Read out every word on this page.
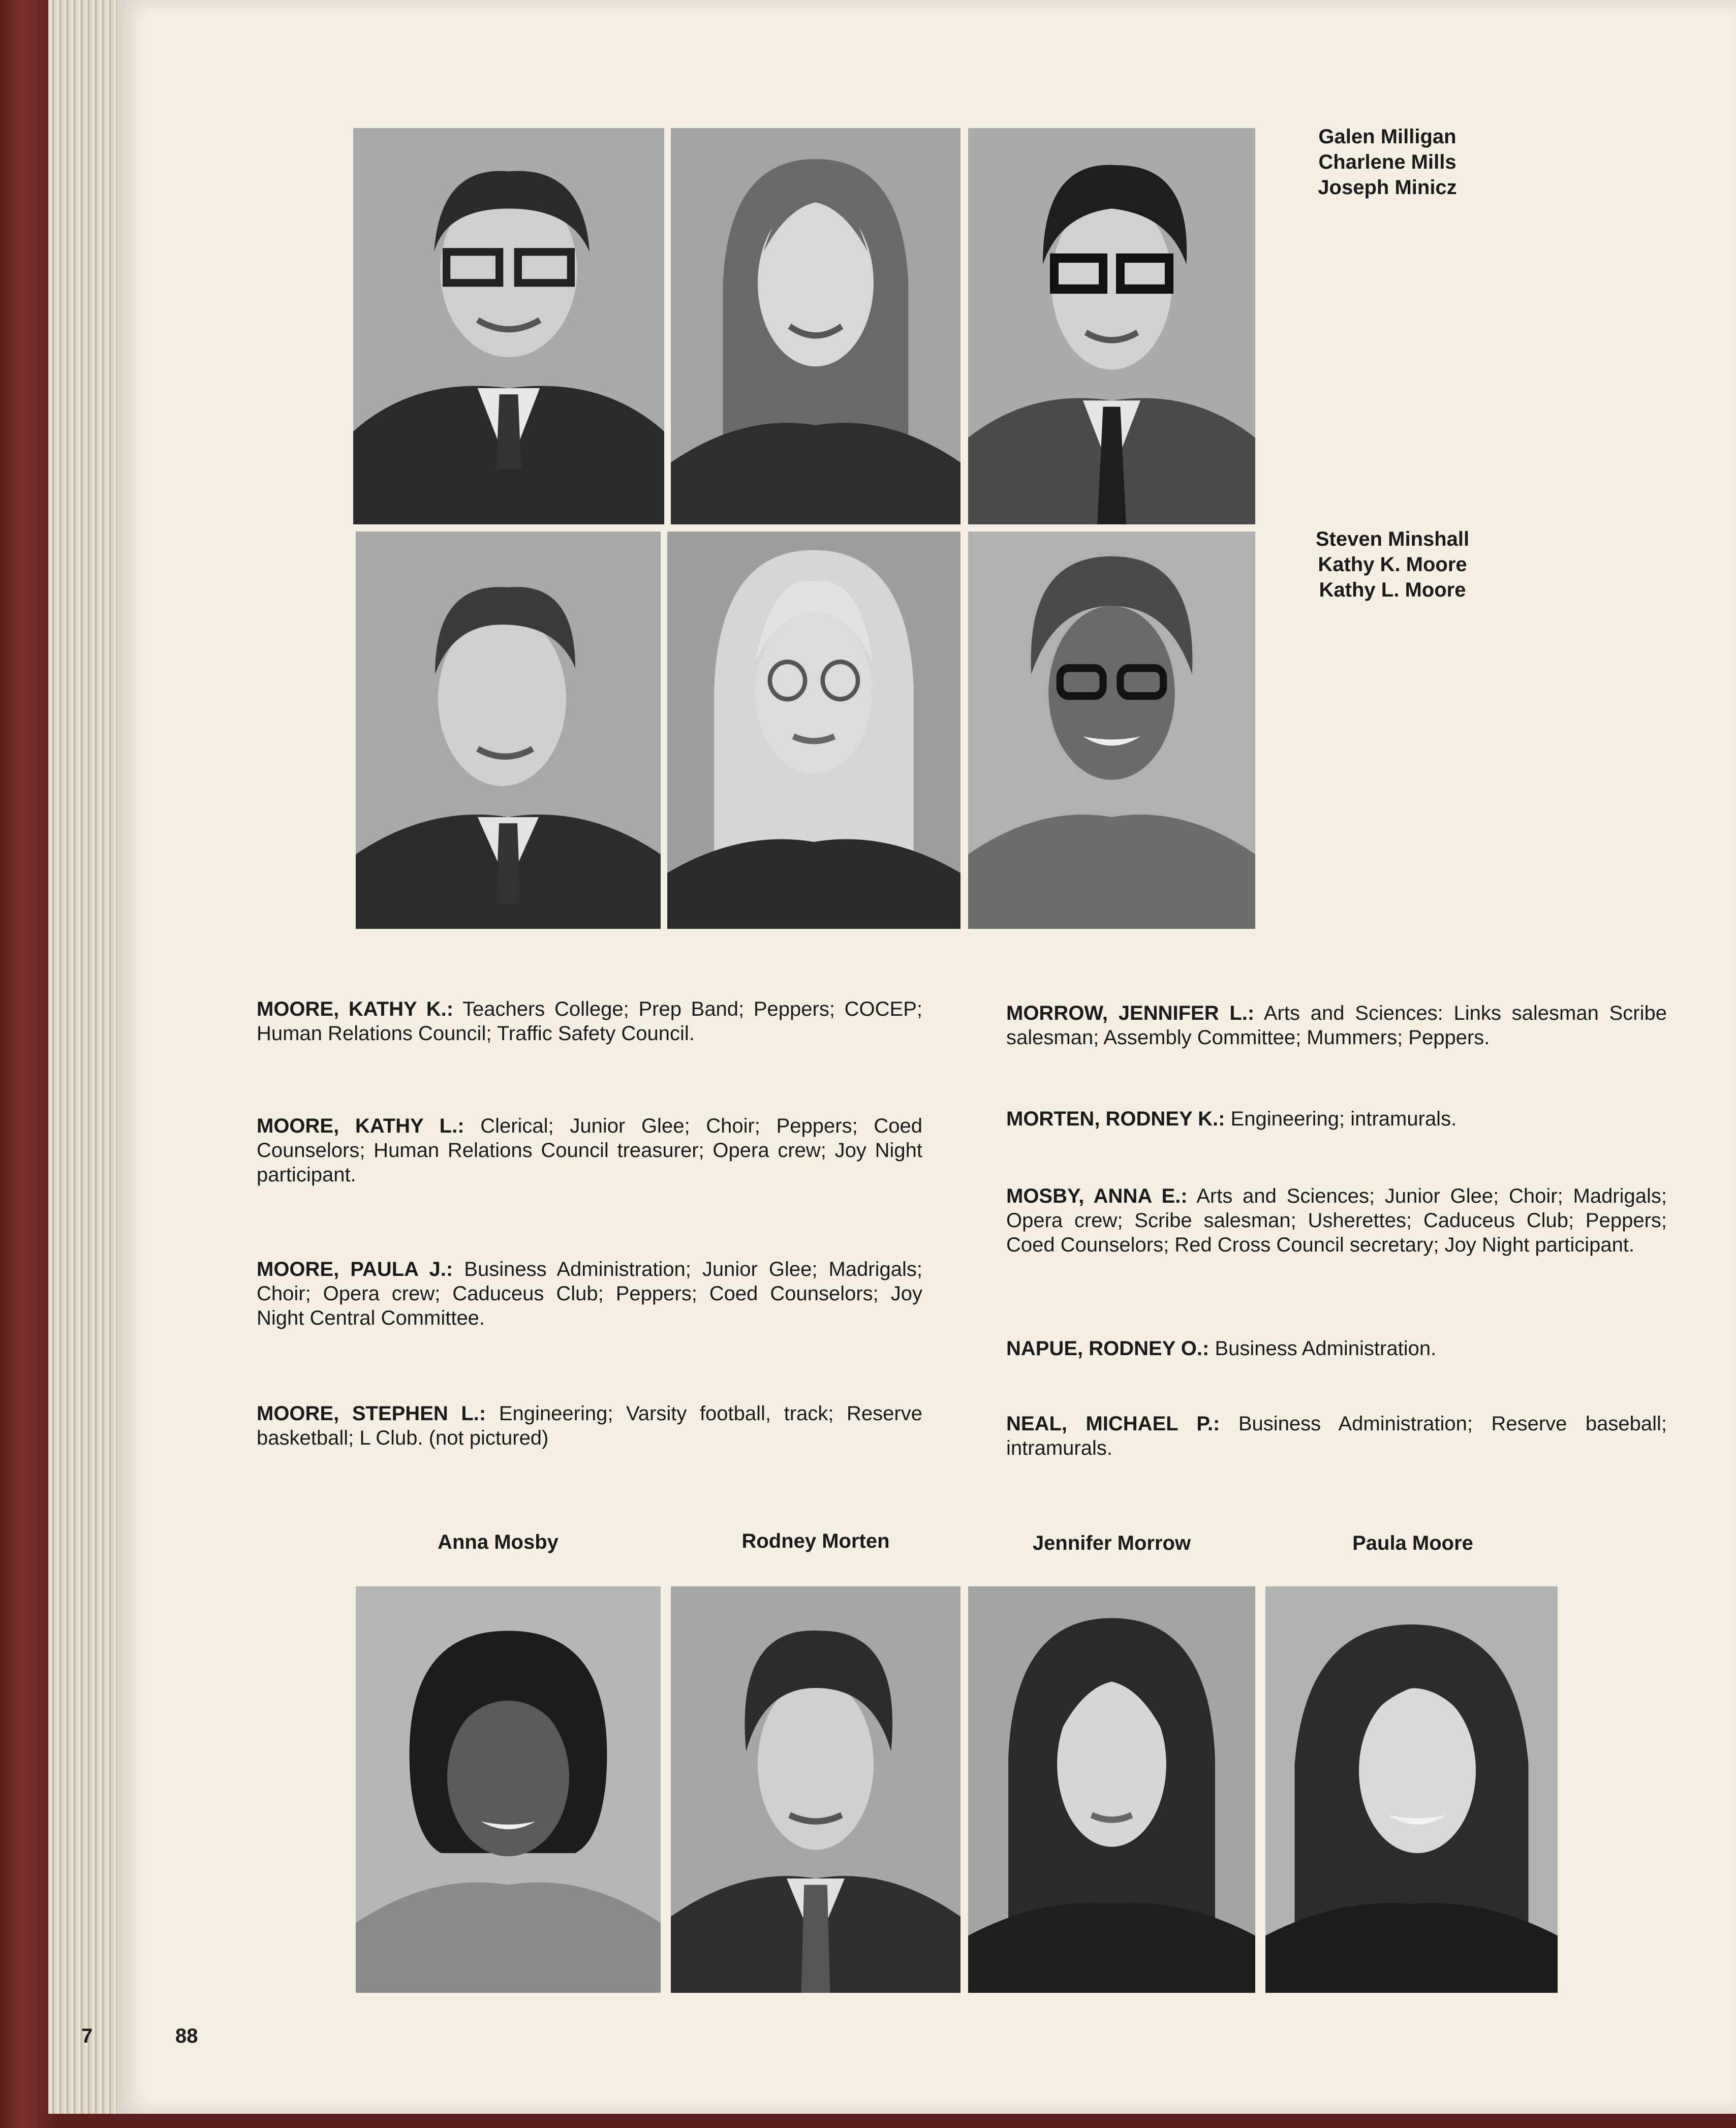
Galen Milligan
Charlene Mills
Joseph Minicz
Steven Minshall
Kathy K. Moore
Kathy L. Moore
MOORE, KATHY K.: Teachers College; Prep Band; Peppers; COCEP; Human Relations Council; Traffic Safety Council.
MOORE, KATHY L.: Clerical; Junior Glee; Choir; Peppers; Coed Counselors; Human Relations Council treasurer; Opera crew; Joy Night participant.
MOORE, PAULA J.: Business Administration; Junior Glee; Madrigals; Choir; Opera crew; Caduceus Club; Peppers; Coed Counselors; Joy Night Central Committee.
MOORE, STEPHEN L.: Engineering; Varsity football, track; Reserve basketball; L Club. (not pictured)
MORROW, JENNIFER L.: Arts and Sciences: Links salesman Scribe salesman; Assembly Committee; Mummers; Peppers.
MORTEN, RODNEY K.: Engineering; intramurals.
MOSBY, ANNA E.: Arts and Sciences; Junior Glee; Choir; Madrigals; Opera crew; Scribe salesman; Usherettes; Caduceus Club; Peppers; Coed Counselors; Red Cross Council secretary; Joy Night participant.
NAPUE, RODNEY O.: Business Administration.
NEAL, MICHAEL P.: Business Administration; Reserve baseball; intramurals.
Anna Mosby	Rodney Morten	Jennifer Morrow	Paula Moore
7	88
